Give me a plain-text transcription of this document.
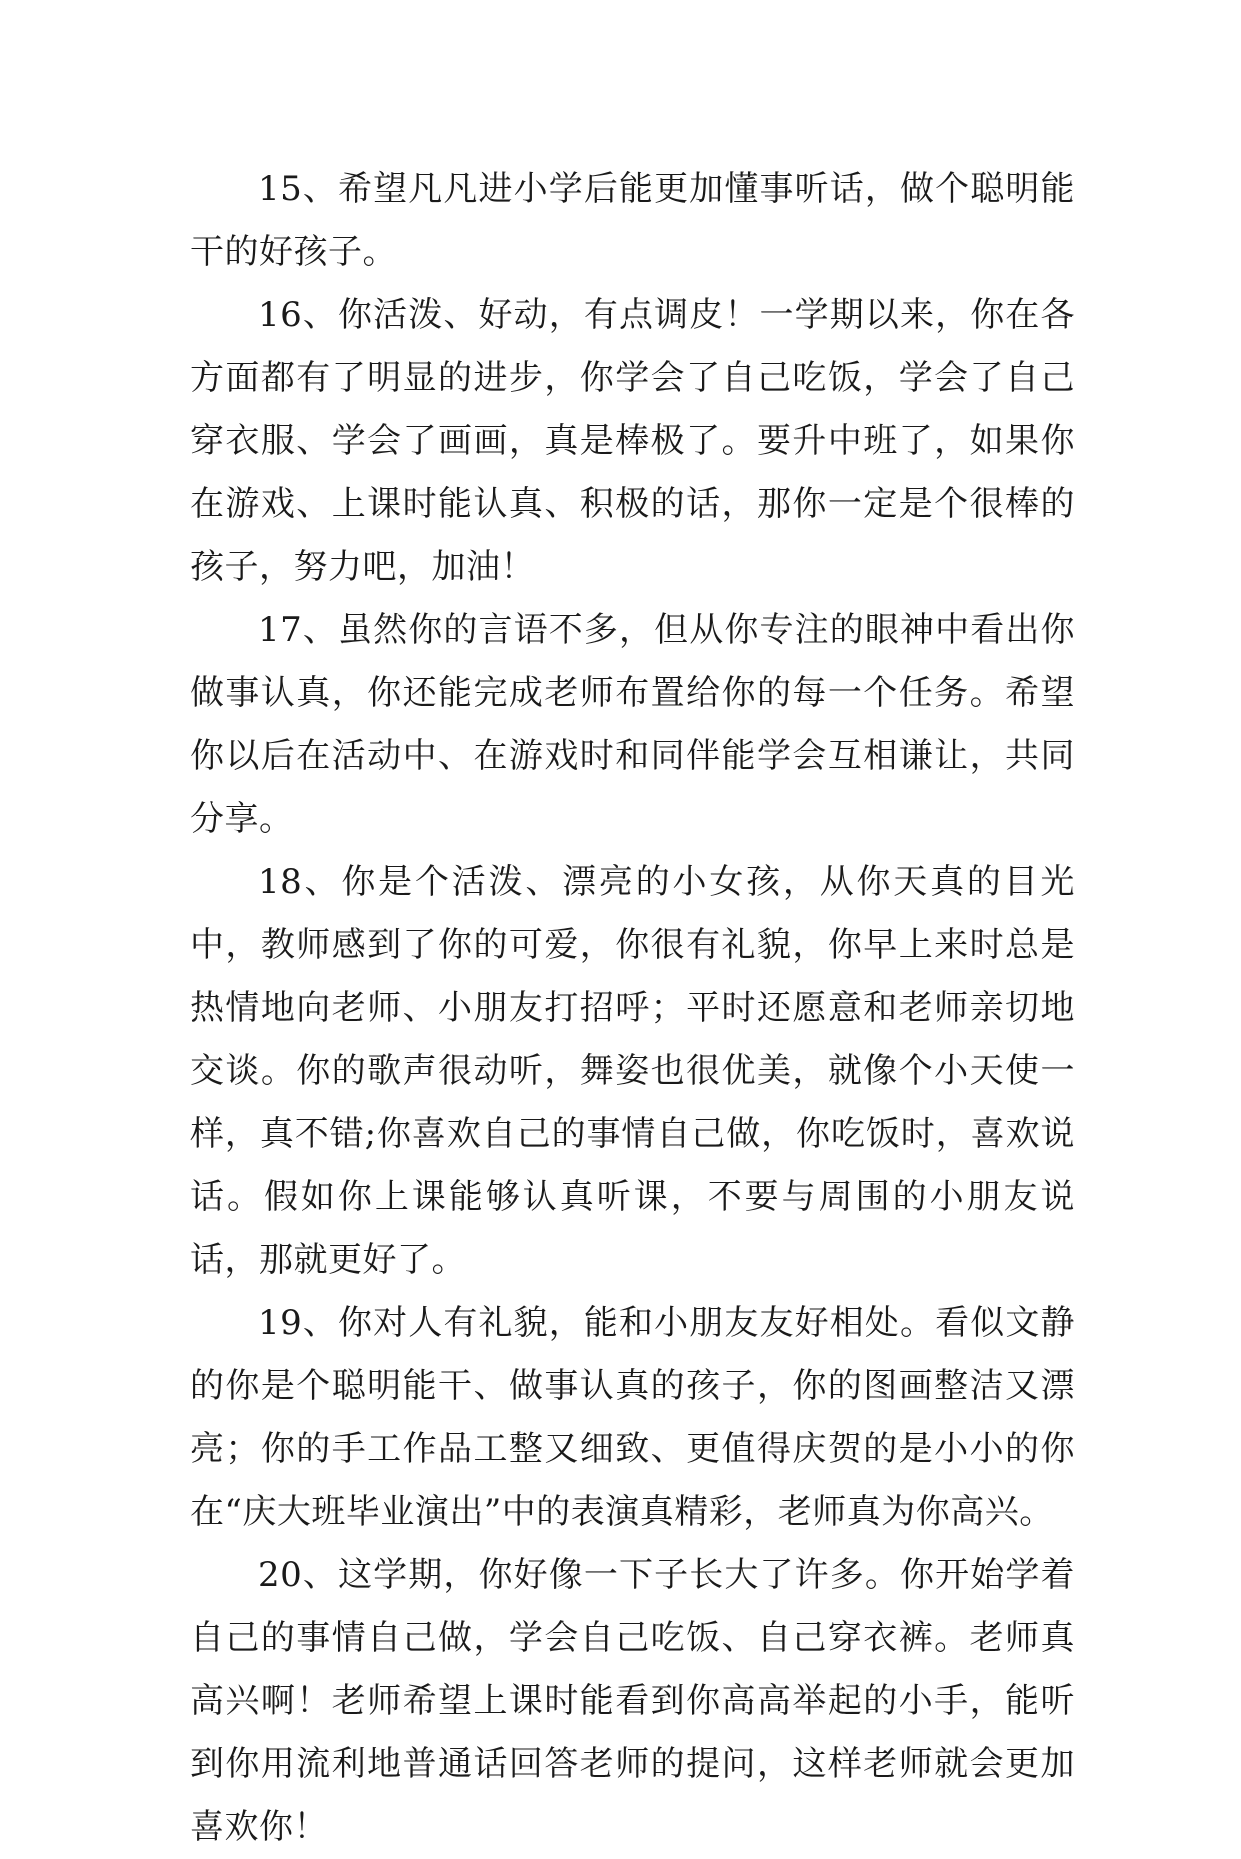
15、希望凡凡进小学后能更加懂事听话，做个聪明能干的好孩子。

16、你活泼、好动，有点调皮！一学期以来，你在各方面都有了明显的进步，你学会了自己吃饭，学会了自己穿衣服、学会了画画，真是棒极了。要升中班了，如果你在游戏、上课时能认真、积极的话，那你一定是个很棒的孩子，努力吧，加油！

17、虽然你的言语不多，但从你专注的眼神中看出你做事认真，你还能完成老师布置给你的每一个任务。希望你以后在活动中、在游戏时和同伴能学会互相谦让，共同分享。

18、你是个活泼、漂亮的小女孩，从你天真的目光中，教师感到了你的可爱，你很有礼貌，你早上来时总是热情地向老师、小朋友打招呼；平时还愿意和老师亲切地交谈。你的歌声很动听，舞姿也很优美，就像个小天使一样，真不错;你喜欢自己的事情自己做，你吃饭时，喜欢说话。假如你上课能够认真听课，不要与周围的小朋友说话，那就更好了。

19、你对人有礼貌，能和小朋友友好相处。看似文静的你是个聪明能干、做事认真的孩子，你的图画整洁又漂亮；你的手工作品工整又细致、更值得庆贺的是小小的你在“庆大班毕业演出”中的表演真精彩，老师真为你高兴。

20、这学期，你好像一下子长大了许多。你开始学着自己的事情自己做，学会自己吃饭、自己穿衣裤。老师真高兴啊！老师希望上课时能看到你高高举起的小手，能听到你用流利地普通话回答老师的提问，这样老师就会更加喜欢你！
